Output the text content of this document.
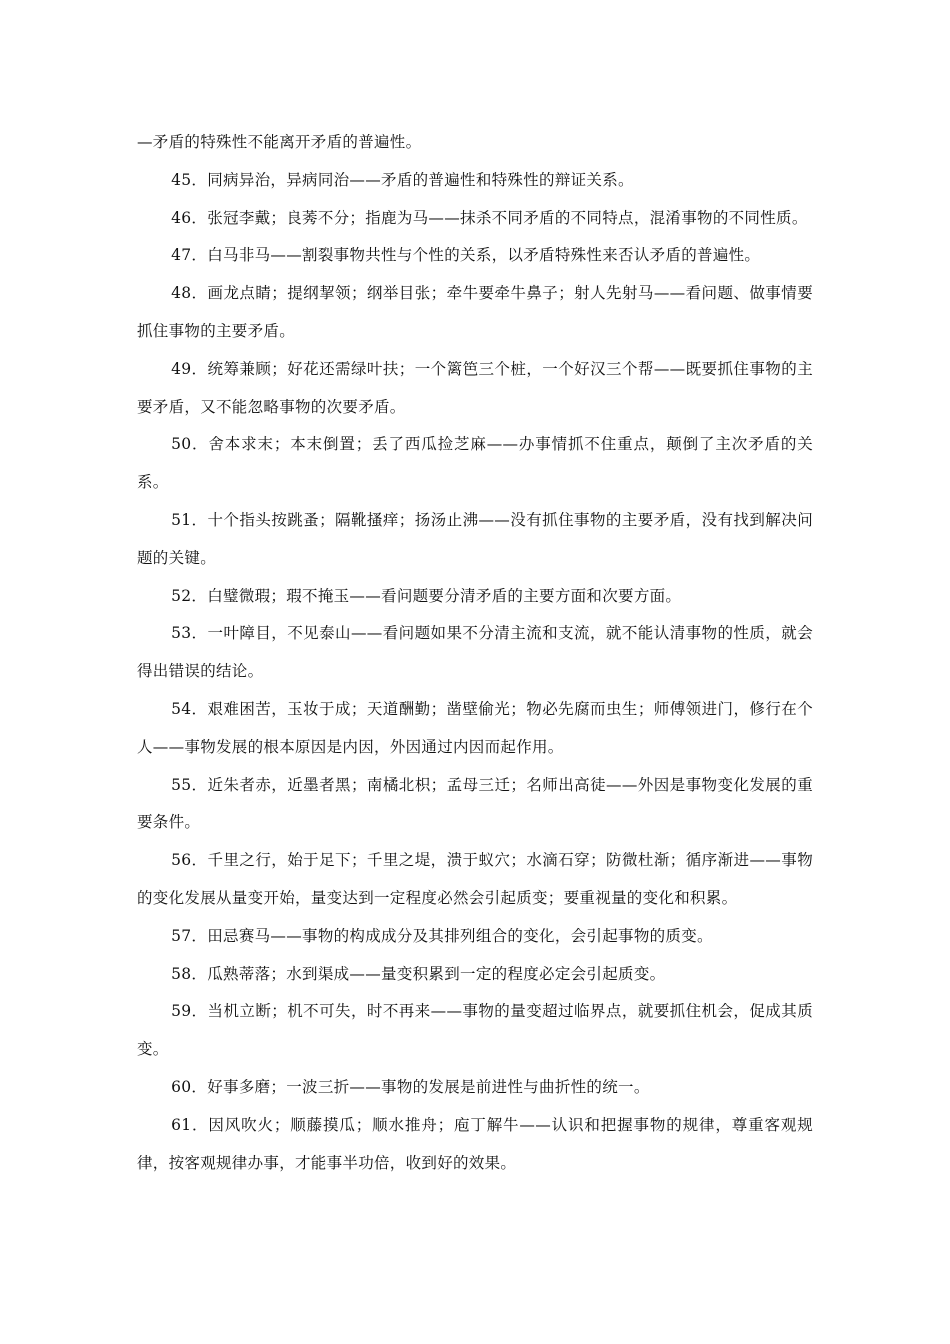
—矛盾的特殊性不能离开矛盾的普遍性。

45．同病异治，异病同治——矛盾的普遍性和特殊性的辩证关系。

46．张冠李戴；良莠不分；指鹿为马——抹杀不同矛盾的不同特点，混淆事物的不同性质。

47．白马非马——割裂事物共性与个性的关系，以矛盾特殊性来否认矛盾的普遍性。

48．画龙点睛；提纲挈领；纲举目张；牵牛要牵牛鼻子；射人先射马——看问题、做事情要抓住事物的主要矛盾。

49．统筹兼顾；好花还需绿叶扶；一个篱笆三个桩，一个好汉三个帮——既要抓住事物的主要矛盾，又不能忽略事物的次要矛盾。

50．舍本求末；本末倒置；丢了西瓜捡芝麻——办事情抓不住重点，颠倒了主次矛盾的关系。

51．十个指头按跳蚤；隔靴搔痒；扬汤止沸——没有抓住事物的主要矛盾，没有找到解决问题的关键。

52．白璧微瑕；瑕不掩玉——看问题要分清矛盾的主要方面和次要方面。

53．一叶障目，不见泰山——看问题如果不分清主流和支流，就不能认清事物的性质，就会得出错误的结论。

54．艰难困苦，玉妆于成；天道酬勤；凿壁偷光；物必先腐而虫生；师傅领进门，修行在个人——事物发展的根本原因是内因，外因通过内因而起作用。

55．近朱者赤，近墨者黑；南橘北枳；孟母三迁；名师出高徒——外因是事物变化发展的重要条件。

56．千里之行，始于足下；千里之堤，溃于蚁穴；水滴石穿；防微杜渐；循序渐进——事物的变化发展从量变开始，量变达到一定程度必然会引起质变；要重视量的变化和积累。

57．田忌赛马——事物的构成成分及其排列组合的变化，会引起事物的质变。

58．瓜熟蒂落；水到渠成——量变积累到一定的程度必定会引起质变。

59．当机立断；机不可失，时不再来——事物的量变超过临界点，就要抓住机会，促成其质变。

60．好事多磨；一波三折——事物的发展是前进性与曲折性的统一。

61．因风吹火；顺藤摸瓜；顺水推舟；庖丁解牛——认识和把握事物的规律，尊重客观规律，按客观规律办事，才能事半功倍，收到好的效果。
